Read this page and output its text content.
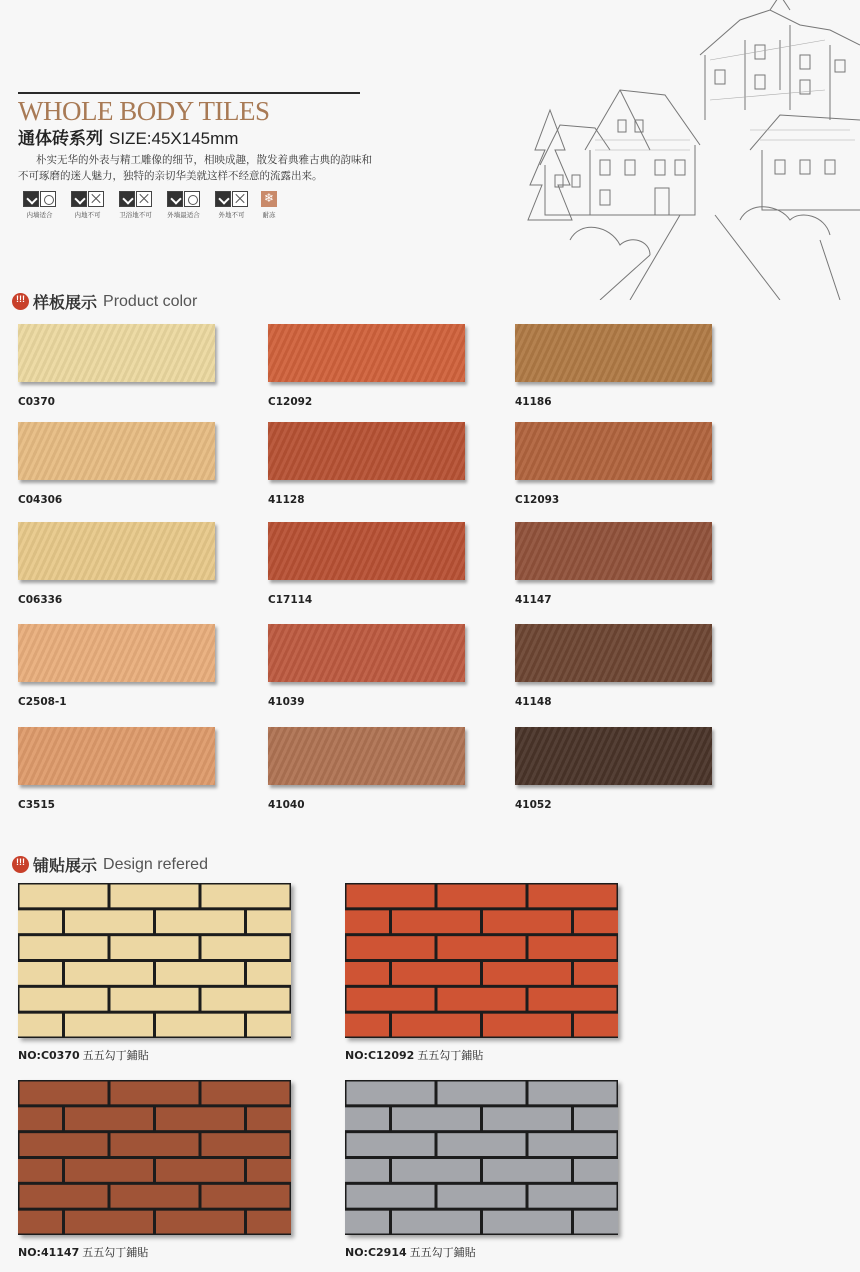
WHOLE BODY TILES
通体砖系列 SIZE:45X145mm
朴实无华的外表与精工雕像的细节，相映成趣，散发着典雅古典的韵味和不可琢磨的迷人魅力，独特的亲切华美就这样不经意的流露出来。
内墙适合	内地不可	卫浴地不可 外墙最适合	外地不可
❄	耐冻
!!!
样板展示 Product color
C0370	C12092	41186
C04306	41128	C12093
C06336	C17114	41147
C2508-1	41039	41148
C3515	41040	41052
!!!
铺贴展示 Design refered
NO:C0370 五五勾丁鋪貼	NO:C12092 五五勾丁鋪貼
NO:41147 五五勾丁鋪貼	NO:C2914 五五勾丁鋪貼
